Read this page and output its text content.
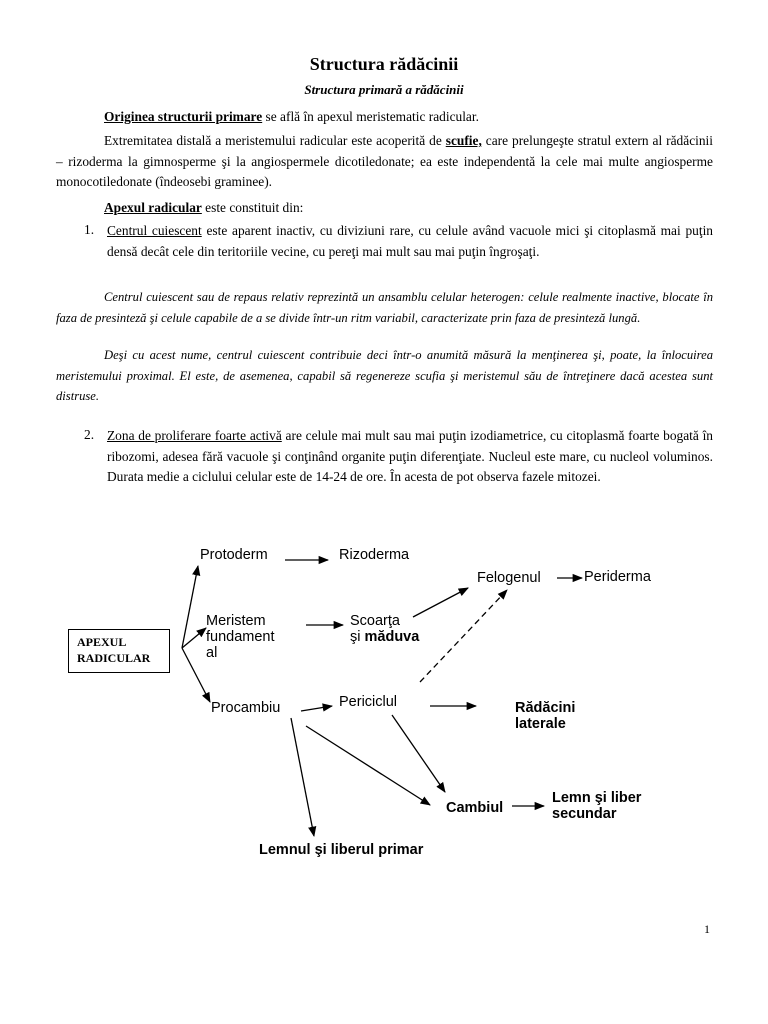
Structura rădăcinii
Structura primară a rădăcinii
Originea structurii primare se află în apexul meristematic radicular.
Extremitatea distală a meristemului radicular este acoperită de scufie, care prelungeşte stratul extern al rădăcinii – rizoderma la gimnosperme şi la angiospermele dicotiledonate; ea este independentă la cele mai multe angiosperme monocotiledonate (îndeosebi graminee).
Apexul radicular este constituit din:
1. Centrul cuiescent este aparent inactiv, cu diviziuni rare, cu celule având vacuole mici şi citoplasmă mai puţin densă decât cele din teritoriile vecine, cu pereţi mai mult sau mai puţin îngroşaţi.
Centrul cuiescent sau de repaus relativ reprezintă un ansamblu celular heterogen: celule realmente inactive, blocate în faza de presinteză şi celule capabile de a se divide într-un ritm variabil, caracterizate prin faza de presinteză lungă.
Deşi cu acest nume, centrul cuiescent contribuie deci într-o anumită măsură la menţinerea şi, poate, la înlocuirea meristemului proximal. El este, de asemenea, capabil să regenereze scufia şi meristemul său de întreţinere dacă acestea sunt distruse.
2. Zona de proliferare foarte activă are celule mai mult sau mai puţin izodiametrice, cu citoplasmă foarte bogată în ribozomi, adesea fără vacuole şi conţinând organite puţin diferenţiate. Nucleul este mare, cu nucleol voluminos. Durata medie a ciclului celular este de 14-24 de ore. În acesta de pot observa fazele mitozei.
APEXUL
RADICULAR
Protoderm	Rizoderma
Felogenul	Periderma
Meristem
fundament
al
Scoarţa
şi măduva
Procambiu	Periciclul	Rădăcini
laterale
Cambiul
Lemn şi liber
secundar
Lemnul şi liberul primar
1
